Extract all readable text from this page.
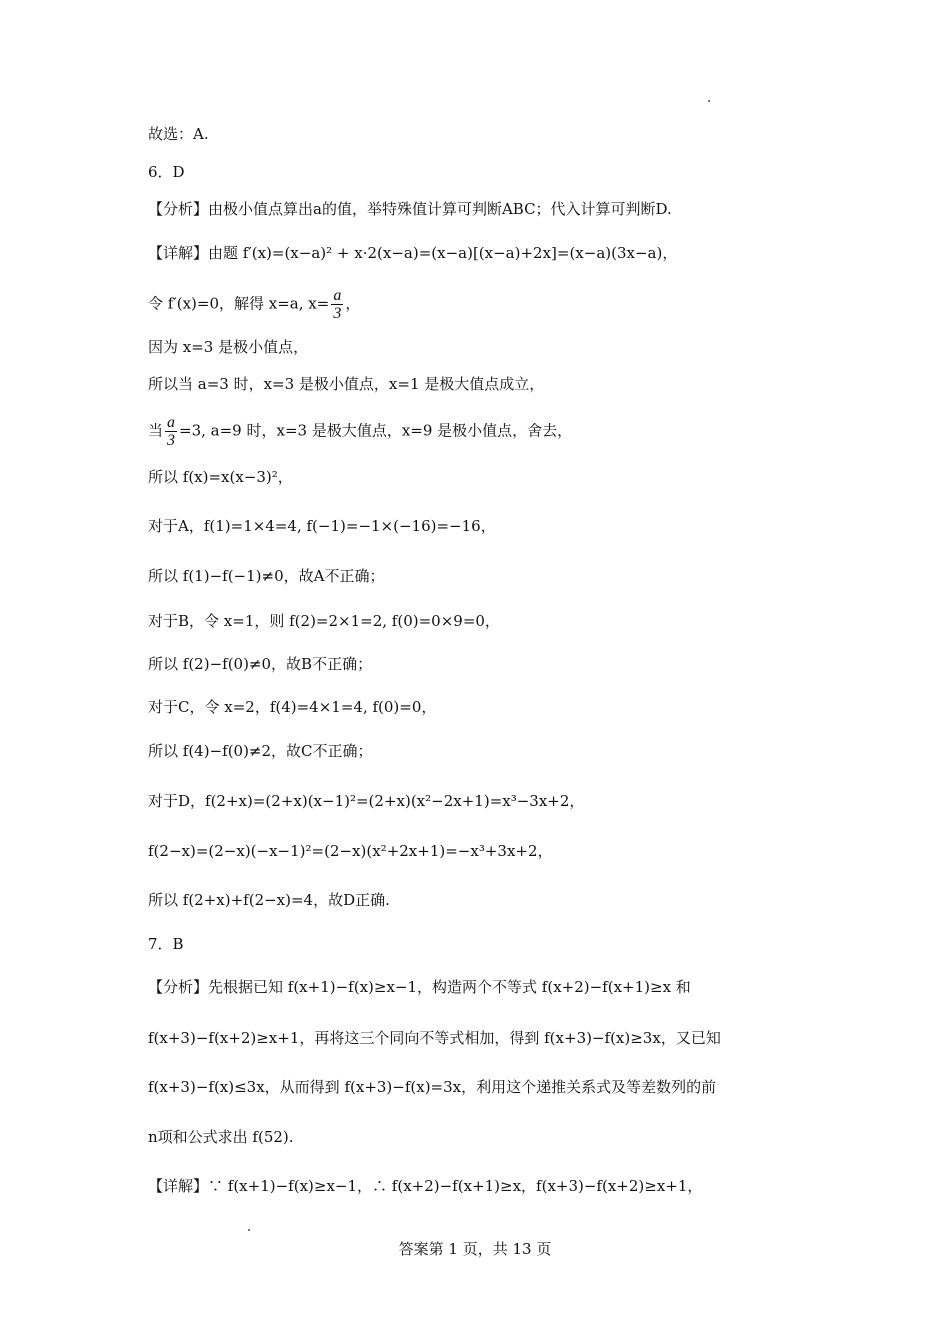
故选：A.
6．D
【分析】由极小值点算出a的值，举特殊值计算可判断ABC；代入计算可判断D.
【详解】由题 f′(x)=(x−a)² + x·2(x−a)=(x−a)[(x−a)+2x]=(x−a)(3x−a)，
令 f′(x)=0，解得 x=a, $x= \frac{a}{3}$ ，
因为 x=3 是极小值点，
所以当 a=3 时，x=3 是极小值点，x=1 是极大值点成立，
当 $\frac{a}{3} =3$, a=9 时，x=3 是极大值点，x=9 是极小值点，舍去，
所以 f(x)=x(x−3)²，
对于A，f(1)=1×4=4, f(−1)=−1×(−16)=−16，
所以 f(1)−f(−1)≠0，故A不正确；
对于B，令 x=1，则 f(2)=2×1=2, f(0)=0×9=0，
所以 f(2)−f(0)≠0，故B不正确；
对于C，令 x=2，f(4)=4×1=4, f(0)=0，
所以 f(4)−f(0)≠2，故C不正确；
对于D，f(2+x)=(2+x)(x−1)²=(2+x)(x²−2x+1)=x³−3x+2，
f(2−x)=(2−x)(−x−1)²=(2−x)(x²+2x+1)=−x³+3x+2，
所以 f(2+x)+f(2−x)=4，故D正确.
7．B
【分析】先根据已知 f(x+1)−f(x)≥x−1，构造两个不等式 f(x+2)−f(x+1)≥x 和
f(x+3)−f(x+2)≥x+1，再将这三个同向不等式相加，得到 f(x+3)−f(x)≥3x，又已知
f(x+3)−f(x)≤3x，从而得到 f(x+3)−f(x)=3x，利用这个递推关系式及等差数列的前
n项和公式求出 f(52).
【详解】∵ f(x+1)−f(x)≥x−1，∴ f(x+2)−f(x+1)≥x，f(x+3)−f(x+2)≥x+1，
答案第 1 页，共 13 页
